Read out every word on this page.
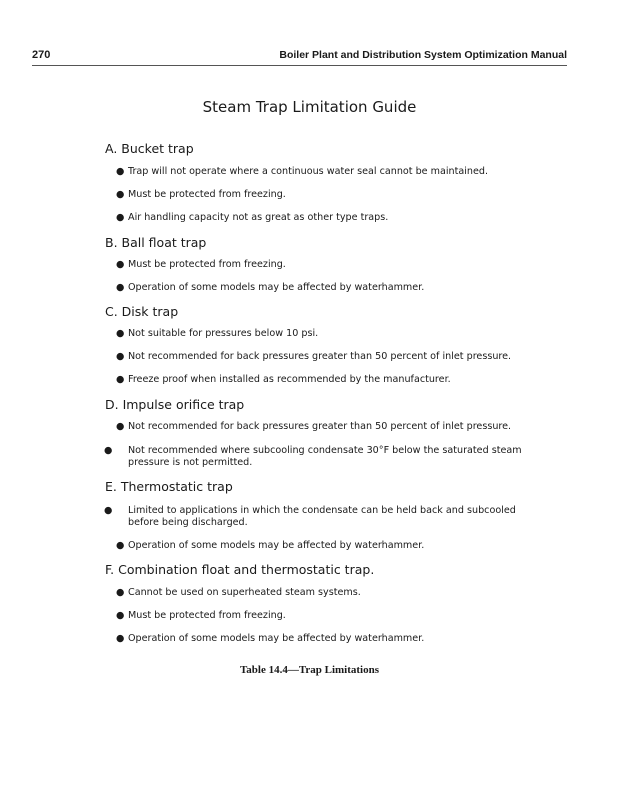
270	Boiler Plant and Distribution System Optimization Manual
Steam Trap Limitation Guide
A. Bucket trap
● Trap will not operate where a continuous water seal cannot be maintained.
● Must be protected from freezing.
● Air handling capacity not as great as other type traps.
B. Ball float trap
● Must be protected from freezing.
● Operation of some models may be affected by waterhammer.
C. Disk trap
● Not suitable for pressures below 10 psi.
● Not recommended for back pressures greater than 50 percent of inlet pressure.
● Freeze proof when installed as recommended by the manufacturer.
D. Impulse orifice trap
● Not recommended for back pressures greater than 50 percent of inlet pressure.
● Not recommended where subcooling condensate 30°F below the saturated steam pressure is not permitted.
E. Thermostatic trap
● Limited to applications in which the condensate can be held back and subcooled before being discharged.
● Operation of some models may be affected by waterhammer.
F. Combination float and thermostatic trap.
● Cannot be used on superheated steam systems.
● Must be protected from freezing.
● Operation of some models may be affected by waterhammer.
Table 14.4—Trap Limitations
